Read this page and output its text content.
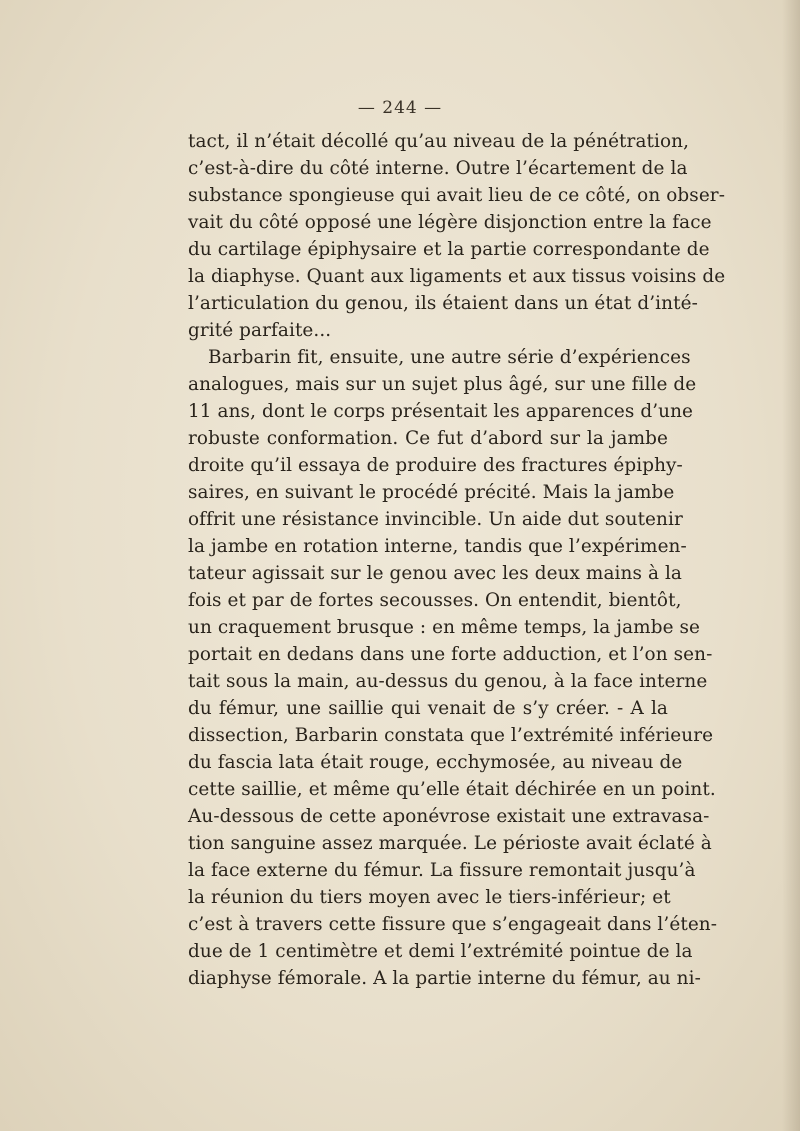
— 244 —
tact, il n’était décollé qu’au niveau de la pénétration,
c’est-à-dire du côté interne. Outre l’écartement de la
substance spongieuse qui avait lieu de ce côté, on obser-
vait du côté opposé une légère disjonction entre la face
du cartilage épiphysaire et la partie correspondante de
la diaphyse. Quant aux ligaments et aux tissus voisins de
l’articulation du genou, ils étaient dans un état d’inté-
grité parfaite...
Barbarin fit, ensuite, une autre série d’expériences
analogues, mais sur un sujet plus âgé, sur une fille de
11 ans, dont le corps présentait les apparences d’une
robuste conformation. Ce fut d’abord sur la jambe
droite qu’il essaya de produire des fractures épiphy-
saires, en suivant le procédé précité. Mais la jambe
offrit une résistance invincible. Un aide dut soutenir
la jambe en rotation interne, tandis que l’expérimen-
tateur agissait sur le genou avec les deux mains à la
fois et par de fortes secousses. On entendit, bientôt,
un craquement brusque : en même temps, la jambe se
portait en dedans dans une forte adduction, et l’on sen-
tait sous la main, au-dessus du genou, à la face interne
du fémur, une saillie qui venait de s’y créer. - A la
dissection, Barbarin constata que l’extrémité inférieure
du fascia lata était rouge, ecchymosée, au niveau de
cette saillie, et même qu’elle était déchirée en un point.
Au-dessous de cette aponévrose existait une extravasa-
tion sanguine assez marquée. Le périoste avait éclaté à
la face externe du fémur. La fissure remontait jusqu’à
la réunion du tiers moyen avec le tiers-inférieur; et
c’est à travers cette fissure que s’engageait dans l’éten-
due de 1 centimètre et demi l’extrémité pointue de la
diaphyse fémorale. A la partie interne du fémur, au ni-
